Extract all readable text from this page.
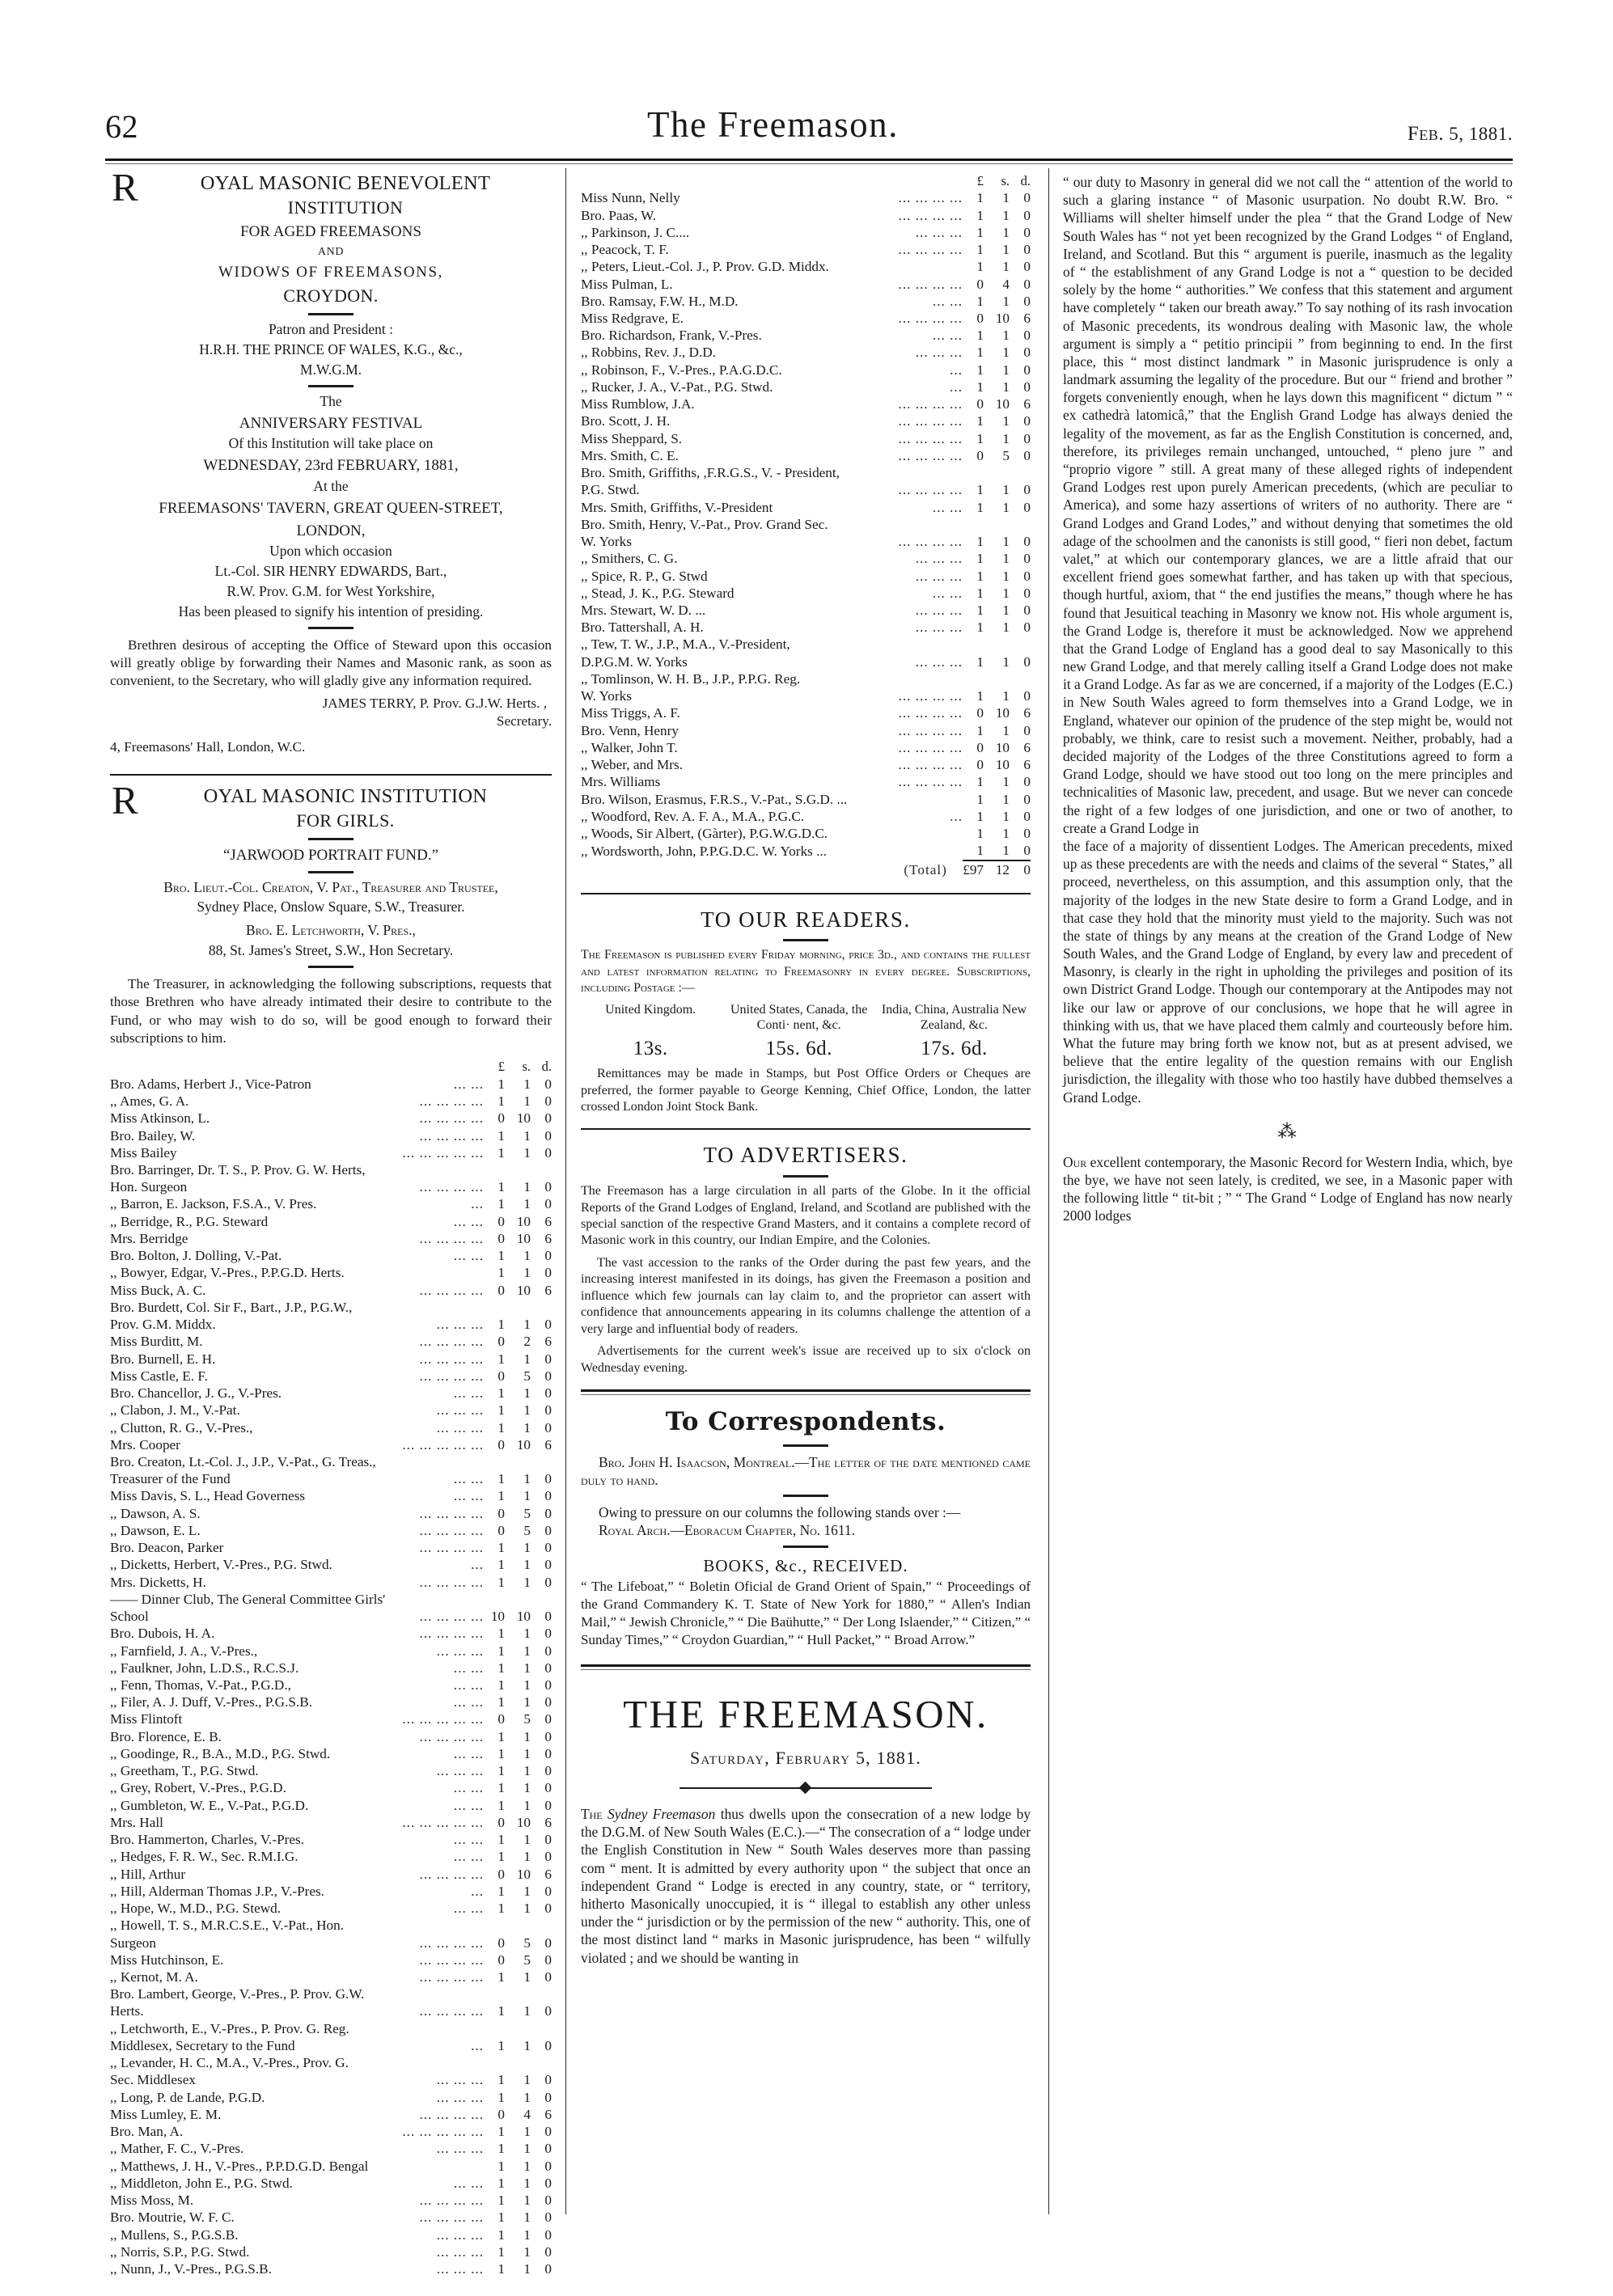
62	The Freemason.	Feb. 5, 1881.
R	OYAL MASONIC BENEVOLENT
INSTITUTION
FOR AGED FREEMASONS
AND
WIDOWS OF FREEMASONS,
CROYDON.
Patron and President :
H.R.H. THE PRINCE OF WALES, K.G., &c.,
M.W.G.M.
The
ANNIVERSARY FESTIVAL
Of this Institution will take place on
WEDNESDAY, 23rd FEBRUARY, 1881,
At the
FREEMASONS' TAVERN, GREAT QUEEN-STREET,
LONDON,
Upon which occasion
Lt.-Col. SIR HENRY EDWARDS, Bart.,
R.W. Prov. G.M. for West Yorkshire,
Has been pleased to signify his intention of presiding.
Brethren desirous of accepting the Office of Steward upon this occasion will greatly oblige by forwarding their Names and Masonic rank, as soon as convenient, to the Secretary, who will gladly give any information required.
JAMES TERRY, P. Prov. G.J.W. Herts. ,
Secretary.
4, Freemasons' Hall, London, W.C.
R	OYAL MASONIC INSTITUTION
FOR GIRLS.
“JARWOOD PORTRAIT FUND.”
Bro. Lieut.-Col. Creaton, V. Pat., Treasurer and Trustee,
Sydney Place, Onslow Square, S.W., Treasurer.
Bro. E. Letchworth, V. Pres.,
88, St. James's Street, S.W., Hon Secretary.
The Treasurer, in acknowledging the following subscriptions, requests that those Brethren who have already intimated their desire to contribute to the Fund, or who may wish to do so, will be good enough to forward their subscriptions to him.
		£	s.	d.
Bro. Adams, Herbert J., Vice-Patron	... ...	1	1	0
,, Ames, G. A.	... ... ... ...	1	1	0
Miss Atkinson, L.	... ... ... ...	0	10	0
Bro. Bailey, W.	... ... ... ...	1	1	0
Miss Bailey	... ... ... ... ...	1	1	0
Bro. Barringer, Dr. T. S., P. Prov. G. W. Herts,				
Hon. Surgeon	... ... ... ...	1	1	0
,, Barron, E. Jackson, F.S.A., V. Pres.	...	1	1	0
,, Berridge, R., P.G. Steward	... ...	0	10	6
Mrs. Berridge	... ... ... ...	0	10	6
Bro. Bolton, J. Dolling, V.-Pat.	... ...	1	1	0
,, Bowyer, Edgar, V.-Pres., P.P.G.D. Herts.		1	1	0
Miss Buck, A. C.	... ... ... ...	0	10	6
Bro. Burdett, Col. Sir F., Bart., J.P., P.G.W.,				
Prov. G.M. Middx.	... ... ...	1	1	0
Miss Burditt, M.	... ... ... ...	0	2	6
Bro. Burnell, E. H.	... ... ... ...	1	1	0
Miss Castle, E. F.	... ... ... ...	0	5	0
Bro. Chancellor, J. G., V.-Pres.	... ...	1	1	0
,, Clabon, J. M., V.-Pat.	... ... ...	1	1	0
,, Clutton, R. G., V.-Pres.,	... ... ...	1	1	0
Mrs. Cooper	... ... ... ... ...	0	10	6
Bro. Creaton, Lt.-Col. J., J.P., V.-Pat., G. Treas.,				
Treasurer of the Fund	... ...	1	1	0
Miss Davis, S. L., Head Governess	... ...	1	1	0
,, Dawson, A. S.	... ... ... ...	0	5	0
,, Dawson, E. L.	... ... ... ...	0	5	0
Bro. Deacon, Parker	... ... ... ...	1	1	0
,, Dicketts, Herbert, V.-Pres., P.G. Stwd.	...	1	1	0
Mrs. Dicketts, H.	... ... ... ...	1	1	0
—— Dinner Club, The General Committee Girls'				
School	... ... ... ...	10	10	0
Bro. Dubois, H. A.	... ... ... ...	1	1	0
,, Farnfield, J. A., V.-Pres.,	... ... ...	1	1	0
,, Faulkner, John, L.D.S., R.C.S.J.	... ...	1	1	0
,, Fenn, Thomas, V.-Pat., P.G.D.,	... ...	1	1	0
,, Filer, A. J. Duff, V.-Pres., P.G.S.B.	... ...	1	1	0
Miss Flintoft	... ... ... ... ...	0	5	0
Bro. Florence, E. B.	... ... ... ...	1	1	0
,, Goodinge, R., B.A., M.D., P.G. Stwd.	... ...	1	1	0
,, Greetham, T., P.G. Stwd.	... ... ...	1	1	0
,, Grey, Robert, V.-Pres., P.G.D.	... ...	1	1	0
,, Gumbleton, W. E., V.-Pat., P.G.D.	... ...	1	1	0
Mrs. Hall	... ... ... ... ...	0	10	6
Bro. Hammerton, Charles, V.-Pres.	... ...	1	1	0
,, Hedges, F. R. W., Sec. R.M.I.G.	... ...	1	1	0
,, Hill, Arthur	... ... ... ...	0	10	6
,, Hill, Alderman Thomas J.P., V.-Pres.	...	1	1	0
,, Hope, W., M.D., P.G. Stewd.	... ...	1	1	0
,, Howell, T. S., M.R.C.S.E., V.-Pat., Hon.				
Surgeon	... ... ... ...	0	5	0
Miss Hutchinson, E.	... ... ... ...	0	5	0
,, Kernot, M. A.	... ... ... ...	1	1	0
Bro. Lambert, George, V.-Pres., P. Prov. G.W.				
Herts.	... ... ... ...	1	1	0
,, Letchworth, E., V.-Pres., P. Prov. G. Reg.				
Middlesex, Secretary to the Fund	...	1	1	0
,, Levander, H. C., M.A., V.-Pres., Prov. G.				
Sec. Middlesex	... ... ...	1	1	0
,, Long, P. de Lande, P.G.D.	... ... ...	1	1	0
Miss Lumley, E. M.	... ... ... ...	0	4	6
Bro. Man, A.	... ... ... ... ...	1	1	0
,, Mather, F. C., V.-Pres.	... ... ...	1	1	0
,, Matthews, J. H., V.-Pres., P.P.D.G.D. Bengal		1	1	0
,, Middleton, John E., P.G. Stwd.	... ...	1	1	0
Miss Moss, M.	... ... ... ...	1	1	0
Bro. Moutrie, W. F. C.	... ... ... ...	1	1	0
,, Mullens, S., P.G.S.B.	... ... ...	1	1	0
,, Norris, S.P., P.G. Stwd.	... ... ...	1	1	0
,, Nunn, J., V.-Pres., P.G.S.B.	... ... ...	1	1	0
		£	s.	d.
Miss Nunn, Nelly	... ... ... ...	1	1	0
Bro. Paas, W.	... ... ... ...	1	1	0
,, Parkinson, J. C....	... ... ...	1	1	0
,, Peacock, T. F.	... ... ... ...	1	1	0
,, Peters, Lieut.-Col. J., P. Prov. G.D. Middx.		1	1	0
Miss Pulman, L.	... ... ... ...	0	4	0
Bro. Ramsay, F.W. H., M.D.	... ...	1	1	0
Miss Redgrave, E.	... ... ... ...	0	10	6
Bro. Richardson, Frank, V.-Pres.	... ...	1	1	0
,, Robbins, Rev. J., D.D.	... ... ...	1	1	0
,, Robinson, F., V.-Pres., P.A.G.D.C.	...	1	1	0
,, Rucker, J. A., V.-Pat., P.G. Stwd.	...	1	1	0
Miss Rumblow, J.A.	... ... ... ...	0	10	6
Bro. Scott, J. H.	... ... ... ...	1	1	0
Miss Sheppard, S.	... ... ... ...	1	1	0
Mrs. Smith, C. E.	... ... ... ...	0	5	0
Bro. Smith, Griffiths, ,F.R.G.S., V. - President,				
P.G. Stwd.	... ... ... ...	1	1	0
Mrs. Smith, Griffiths, V.-President	... ...	1	1	0
Bro. Smith, Henry, V.-Pat., Prov. Grand Sec.				
W. Yorks	... ... ... ...	1	1	0
,, Smithers, C. G.	... ... ...	1	1	0
,, Spice, R. P., G. Stwd	... ... ...	1	1	0
,, Stead, J. K., P.G. Steward	... ...	1	1	0
Mrs. Stewart, W. D. ...	... ... ...	1	1	0
Bro. Tattershall, A. H.	... ... ...	1	1	0
,, Tew, T. W., J.P., M.A., V.-President,				
D.P.G.M. W. Yorks	... ... ...	1	1	0
,, Tomlinson, W. H. B., J.P., P.P.G. Reg.				
W. Yorks	... ... ... ...	1	1	0
Miss Triggs, A. F.	... ... ... ...	0	10	6
Bro. Venn, Henry	... ... ... ...	1	1	0
,, Walker, John T.	... ... ... ...	0	10	6
,, Weber, and Mrs.	... ... ... ...	0	10	6
Mrs. Williams	... ... ... ...	1	1	0
Bro. Wilson, Erasmus, F.R.S., V.-Pat., S.G.D. ...		1	1	0
,, Woodford, Rev. A. F. A., M.A., P.G.C.	...	1	1	0
,, Woods, Sir Albert, (Gàrter), P.G.W.G.D.C.		1	1	0
,, Wordsworth, John, P.P.G.D.C. W. Yorks ...		1	1	0
	(Total)	£97	12	0
TO OUR READERS.

The Freemason is published every Friday morning, price 3d., and contains the fullest and latest information relating to Freemasonry in every degree. Subscriptions, including Postage :—

United Kingdom.	United States, Canada, the Conti· nent, &c.
India, China, Australia New Zealand, &c.
13s.	15s. 6d.	17s. 6d.

Remittances may be made in Stamps, but Post Office Orders or Cheques are preferred, the former payable to George Kenning, Chief Office, London, the latter crossed London Joint Stock Bank.

TO ADVERTISERS.

The Freemason has a large circulation in all parts of the Globe. In it the official Reports of the Grand Lodges of England, Ireland, and Scotland are published with the special sanction of the respective Grand Masters, and it contains a complete record of Masonic work in this country, our Indian Empire, and the Colonies.

The vast accession to the ranks of the Order during the past few years, and the increasing interest manifested in its doings, has given the Freemason a position and influence which few journals can lay claim to, and the proprietor can assert with confidence that announcements appearing in its columns challenge the attention of a very large and influential body of readers.

Advertisements for the current week's issue are received up to six o'clock on Wednesday evening.

To Correspondents.

Bro. John H. Isaacson, Montreal.—The letter of the date mentioned came duly to hand.

Owing to pressure on our columns the following stands over :—

Royal Arch.—Eboracum Chapter, No. 1611.

BOOKS, &c., RECEIVED.

“ The Lifeboat,” “ Boletin Oficial de Grand Orient of Spain,” “ Proceedings of the Grand Commandery K. T. State of New York for 1880,” “ Allen's Indian Mail,” “ Jewish Chronicle,” “ Die Baühutte,” “ Der Long Islaender,” “ Citizen,” “ Sunday Times,” “ Croydon Guardian,” “ Hull Packet,” “ Broad Arrow.”

THE FREEMASON.
Saturday, February 5, 1881.

The Sydney Freemason thus dwells upon the consecration of a new lodge by the D.G.M. of New South Wales (E.C.).—“ The consecration of a “ lodge under the English Constitution in New “ South Wales deserves more than passing com “ ment. It is admitted by every authority upon “ the subject that once an independent Grand “ Lodge is erected in any country, state, or “ territory, hitherto Masonically unoccupied, it is “ illegal to establish any other unless under the “ jurisdiction or by the permission of the new “ authority. This, one of the most distinct land “ marks in Masonic jurisprudence, has been “ wilfully violated ; and we should be wanting in

“ our duty to Masonry in general did we not call the “ attention of the world to such a glaring instance “ of Masonic usurpation. No doubt R.W. Bro. “ Williams will shelter himself under the plea “ that the Grand Lodge of New South Wales has “ not yet been recognized by the Grand Lodges “ of England, Ireland, and Scotland. But this “ argument is puerile, inasmuch as the legality of “ the establishment of any Grand Lodge is not a “ question to be decided solely by the home “ authorities.” We confess that this statement and argument have completely “ taken our breath away.” To say nothing of its rash invocation of Masonic precedents, its wondrous dealing with Masonic law, the whole argument is simply a “ petitio principii ” from beginning to end. In the first place, this “ most distinct landmark ” in Masonic jurisprudence is only a landmark assuming the legality of the procedure. But our “ friend and brother ” forgets conveniently enough, when he lays down this magnificent “ dictum ” “ ex cathedrà latomicâ,” that the English Grand Lodge has always denied the legality of the movement, as far as the English Constitution is concerned, and, therefore, its privileges remain unchanged, untouched, “ pleno jure ” and “proprio vigore ” still. A great many of these alleged rights of independent Grand Lodges rest upon purely American precedents, (which are peculiar to America), and some hazy assertions of writers of no authority. There are “ Grand Lodges and Grand Lodes,” and without denying that sometimes the old adage of the schoolmen and the canonists is still good, “ fieri non debet, factum valet,” at which our contemporary glances, we are a little afraid that our excellent friend goes somewhat farther, and has taken up with that specious, though hurtful, axiom, that “ the end justifies the means,” though where he has found that Jesuitical teaching in Masonry we know not. His whole argument is, the Grand Lodge is, therefore it must be acknowledged. Now we apprehend that the Grand Lodge of England has a good deal to say Masonically to this new Grand Lodge, and that merely calling itself a Grand Lodge does not make it a Grand Lodge. As far as we are concerned, if a majority of the Lodges (E.C.) in New South Wales agreed to form themselves into a Grand Lodge, we in England, whatever our opinion of the prudence of the step might be, would not probably, we think, care to resist such a movement. Neither, probably, had a decided majority of the Lodges of the three Constitutions agreed to form a Grand Lodge, should we have stood out too long on the mere principles and technicalities of Masonic law, precedent, and usage. But we never can concede the right of a few lodges of one jurisdiction, and one or two of another, to create a Grand Lodge in

the face of a majority of dissentient Lodges. The American precedents, mixed up as these precedents are with the needs and claims of the several “ States,” all proceed, nevertheless, on this assumption, and this assumption only, that the majority of the lodges in the new State desire to form a Grand Lodge, and in that case they hold that the minority must yield to the majority. Such was not the state of things by any means at the creation of the Grand Lodge of New South Wales, and the Grand Lodge of England, by every law and precedent of Masonry, is clearly in the right in upholding the privileges and position of its own District Grand Lodge. Though our contemporary at the Antipodes may not like our law or approve of our conclusions, we hope that he will agree in thinking with us, that we have placed them calmly and courteously before him. What the future may bring forth we know not, but as at present advised, we believe that the entire legality of the question remains with our English jurisdiction, the illegality with those who too hastily have dubbed themselves a Grand Lodge.

⁂

Our excellent contemporary, the Masonic Record for Western India, which, bye the bye, we have not seen lately, is credited, we see, in a Masonic paper with the following little “ tit-bit ; ” “ The Grand “ Lodge of England has now nearly 2000 lodges
